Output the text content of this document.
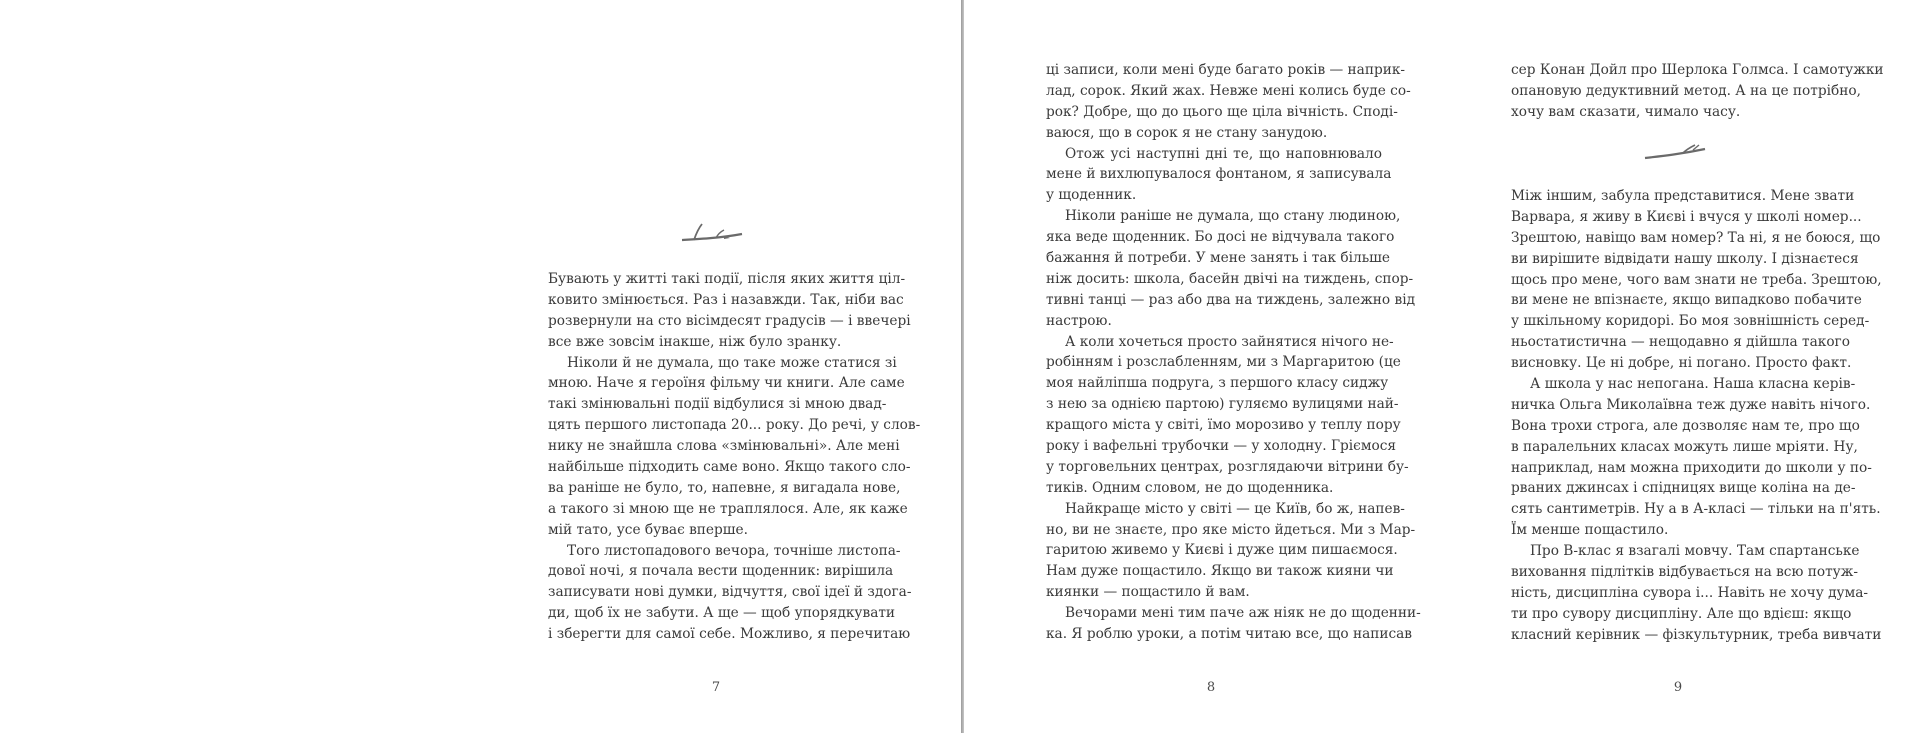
Бувають у житті такі події, після яких життя ціл-
ковито змінюється. Раз і назавжди. Так, ніби вас
розвернули на сто вісімдесят градусів — і ввечері
все вже зовсім інакше, ніж було зранку.
Ніколи й не думала, що таке може статися зі
мною. Наче я героїня фільму чи книги. Але саме
такі змінювальні події відбулися зі мною двад-
цять першого листопада 20... року. До речі, у слов-
нику не знайшла слова «змінювальні». Але мені
найбільше підходить саме воно. Якщо такого сло-
ва раніше не було, то, напевне, я вигадала нове,
а такого зі мною ще не траплялося. Але, як каже
мій тато, усе буває вперше.
Того листопадового вечора, точніше листопа-
дової ночі, я почала вести щоденник: вирішила
записувати нові думки, відчуття, свої ідеї й здога-
ди, щоб їх не забути. А ще — щоб упорядкувати
і зберегти для самої себе. Можливо, я перечитаю
7
ці записи, коли мені буде багато років — наприк-
лад, сорок. Який жах. Невже мені колись буде со-
рок? Добре, що до цього ще ціла вічність. Споді-
ваюся, що в сорок я не стану занудою.
Отож усі наступні дні те, що наповнювало
мене й вихлюпувалося фонтаном, я записувала
у щоденник.
Ніколи раніше не думала, що стану людиною,
яка веде щоденник. Бо досі не відчувала такого
бажання й потреби. У мене занять і так більше
ніж досить: школа, басейн двічі на тиждень, спор-
тивні танці — раз або два на тиждень, залежно від
настрою.
А коли хочеться просто зайнятися нічого не-
робінням і розслабленням, ми з Маргаритою (це
моя найліпша подруга, з першого класу сиджу
з нею за однією партою) гуляємо вулицями най-
кращого міста у світі, їмо морозиво у теплу пору
року і вафельні трубочки — у холодну. Гріємося
у торговельних центрах, розглядаючи вітрини бу-
тиків. Одним словом, не до щоденника.
Найкраще місто у світі — це Київ, бо ж, напев-
но, ви не знаєте, про яке місто йдеться. Ми з Мар-
гаритою живемо у Києві і дуже цим пишаємося.
Нам дуже пощастило. Якщо ви також кияни чи
киянки — пощастило й вам.
Вечорами мені тим паче аж ніяк не до щоденни-
ка. Я роблю уроки, а потім читаю все, що написав
8
сер Конан Дойл про Шерлока Голмса. І самотужки
опановую дедуктивний метод. А на це потрібно,
хочу вам сказати, чимало часу.
Між іншим, забула представитися. Мене звати
Варвара, я живу в Києві і вчуся у школі номер...
Зрештою, навіщо вам номер? Та ні, я не боюся, що
ви вирішите відвідати нашу школу. І дізнаєтеся
щось про мене, чого вам знати не треба. Зрештою,
ви мене не впізнаєте, якщо випадково побачите
у шкільному коридорі. Бо моя зовнішність серед-
ньостатистична — нещодавно я дійшла такого
висновку. Це ні добре, ні погано. Просто факт.
А школа у нас непогана. Наша класна керів-
ничка Ольга Миколаївна теж дуже навіть нічого.
Вона трохи строга, але дозволяє нам те, про що
в паралельних класах можуть лише мріяти. Ну,
наприклад, нам можна приходити до школи у по-
рваних джинсах і спідницях вище коліна на де-
сять сантиметрів. Ну а в А-класі — тільки на п'ять.
Їм менше пощастило.
Про В-клас я взагалі мовчу. Там спартанське
виховання підлітків відбувається на всю потуж-
ність, дисципліна сувора і... Навіть не хочу дума-
ти про сувору дисципліну. Але що вдієш: якщо
класний керівник — фізкультурник, треба вивчати
9
